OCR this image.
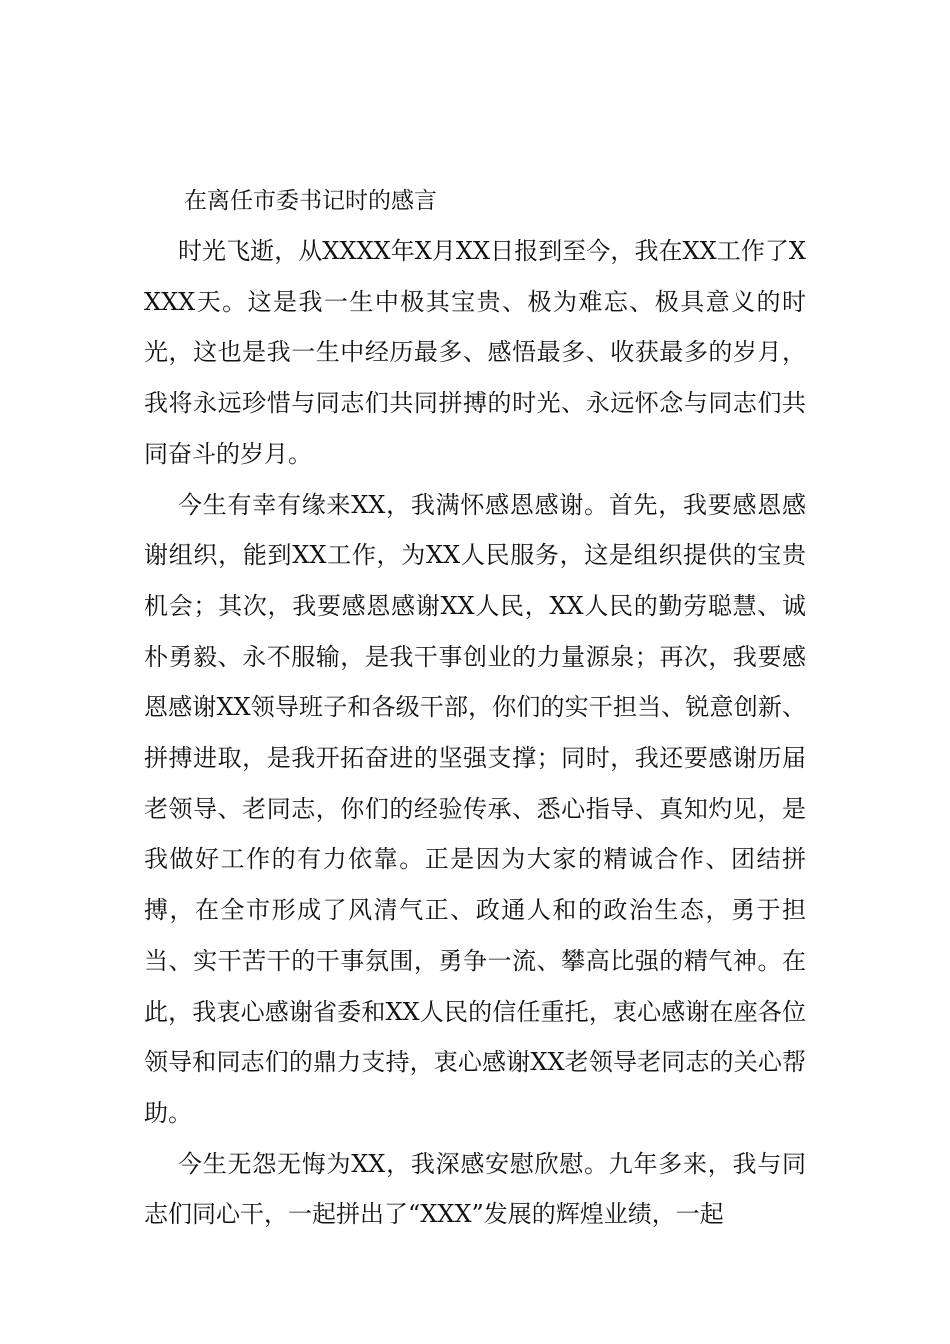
在离任市委书记时的感言

时光飞逝，从XXXX年X月XX日报到至今，我在XX工作了XXXX天。这是我一生中极其宝贵、极为难忘、极具意义的时光，这也是我一生中经历最多、感悟最多、收获最多的岁月，我将永远珍惜与同志们共同拼搏的时光、永远怀念与同志们共同奋斗的岁月。

今生有幸有缘来XX，我满怀感恩感谢。首先，我要感恩感谢组织，能到XX工作，为XX人民服务，这是组织提供的宝贵机会；其次，我要感恩感谢XX人民，XX人民的勤劳聪慧、诚朴勇毅、永不服输，是我干事创业的力量源泉；再次，我要感恩感谢XX领导班子和各级干部，你们的实干担当、锐意创新、拼搏进取，是我开拓奋进的坚强支撑；同时，我还要感谢历届老领导、老同志，你们的经验传承、悉心指导、真知灼见，是我做好工作的有力依靠。正是因为大家的精诚合作、团结拼搏，在全市形成了风清气正、政通人和的政治生态，勇于担当、实干苦干的干事氛围，勇争一流、攀高比强的精气神。在此，我衷心感谢省委和XX人民的信任重托，衷心感谢在座各位领导和同志们的鼎力支持，衷心感谢XX老领导老同志的关心帮助。

今生无怨无悔为XX，我深感安慰欣慰。九年多来，我与同志们同心干，一起拼出了“XXX”发展的辉煌业绩，一起
